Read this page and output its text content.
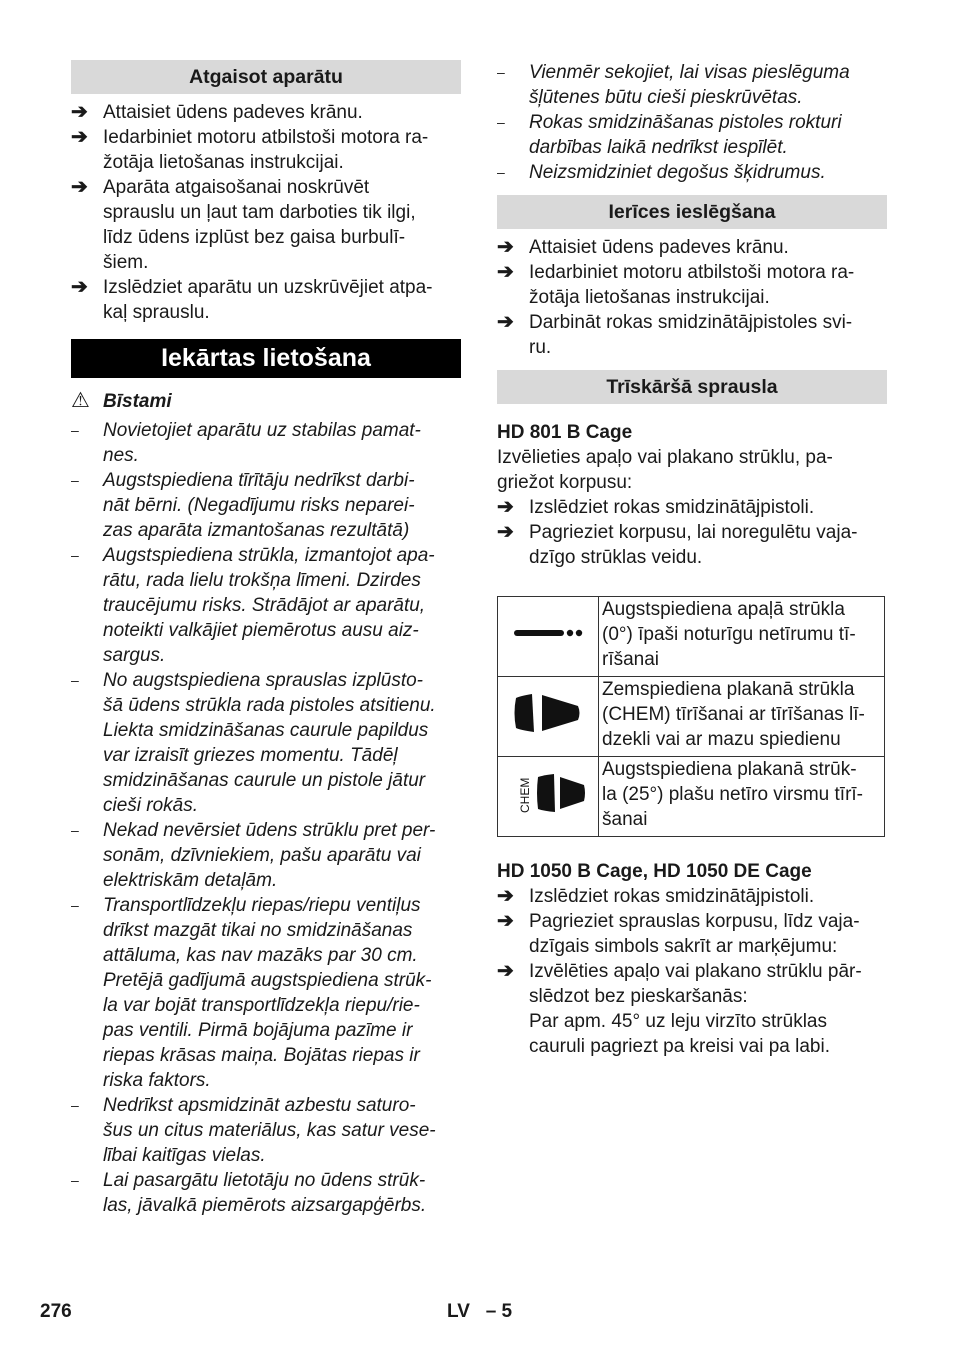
Atgaisot aparātu
➔ Attaisiet ūdens padeves krānu.
➔ Iedarbiniet motoru atbilstoši motora ra-
žotāja lietošanas instrukcijai.
➔ Aparāta atgaisošanai noskrūvēt
sprauslu un ļaut tam darboties tik ilgi,
līdz ūdens izplūst bez gaisa burbulī-
šiem.
➔ Izslēdziet aparātu un uzskrūvējiet atpa-
kaļ sprauslu.
Iekārtas lietošana
⚠ Bīstami
–	Novietojiet aparātu uz stabilas pamat-
nes.
–	Augstspiediena tīrītāju nedrīkst darbi-
nāt bērni. (Negadījumu risks neparei-
zas aparāta izmantošanas rezultātā)
–	Augstspiediena strūkla, izmantojot apa-
rātu, rada lielu trokšņa līmeni. Dzirdes
traucējumu risks. Strādājot ar aparātu,
noteikti valkājiet piemērotus ausu aiz-
sargus.
–	No augstspiediena sprauslas izplūsto-
šā ūdens strūkla rada pistoles atsitienu.
Liekta smidzināšanas caurule papildus
var izraisīt griezes momentu. Tādēļ
smidzināšanas caurule un pistole jātur
cieši rokās.
–	Nekad nevērsiet ūdens strūklu pret per-
sonām, dzīvniekiem, pašu aparātu vai
elektriskām detaļām.
–	Transportlīdzekļu riepas/riepu ventiļus
drīkst mazgāt tikai no smidzināšanas
attāluma, kas nav mazāks par 30 cm.
Pretējā gadījumā augstspiediena strūk-
la var bojāt transportlīdzekļa riepu/rie-
pas ventili. Pirmā bojājuma pazīme ir
riepas krāsas maiņa. Bojātas riepas ir
riska faktors.
–	Nedrīkst apsmidzināt azbestu saturo-
šus un citus materiālus, kas satur vese-
lībai kaitīgas vielas.
–	Lai pasargātu lietotāju no ūdens strūk-
las, jāvalkā piemērots aizsargapģērbs.
–	Vienmēr sekojiet, lai visas pieslēguma
šļūtenes būtu cieši pieskrūvētas.
–	Rokas smidzināšanas pistoles rokturi
darbības laikā nedrīkst iespīlēt.
–	Neizsmidziniet degošus šķidrumus.
Ierīces ieslēgšana
➔ Attaisiet ūdens padeves krānu.
➔ Iedarbiniet motoru atbilstoši motora ra-
žotāja lietošanas instrukcijai.
➔ Darbināt rokas smidzinātājpistoles svi-
ru.
Trīskāršā sprausla
HD 801 B Cage
Izvēlieties apaļo vai plakano strūklu, pa-
griežot korpusu:
➔ Izslēdziet rokas smidzinātājpistoli.
➔ Pagrieziet korpusu, lai noregulētu vaja-
dzīgo strūklas veidu.
	Augstspiediena apaļā strūkla
(0°) īpaši noturīgu netīrumu tī-
rīšanai
	Zemspiediena plakanā strūkla
(CHEM) tīrīšanai ar tīrīšanas lī-
dzekli vai ar mazu spiedienu

CHEM	Augstspiediena plakanā strūk-
la (25°) plašu netīro virsmu tīrī-
šanai
HD 1050 B Cage, HD 1050 DE Cage
➔ Izslēdziet rokas smidzinātājpistoli.
➔ Pagrieziet sprauslas korpusu, līdz vaja-
dzīgais simbols sakrīt ar marķējumu:
➔ Izvēlēties apaļo vai plakano strūklu pār-
slēdzot bez pieskaršanās:
Par apm. 45° uz leju virzīto strūklas
cauruli pagriezt pa kreisi vai pa labi.
276	LV   – 5
